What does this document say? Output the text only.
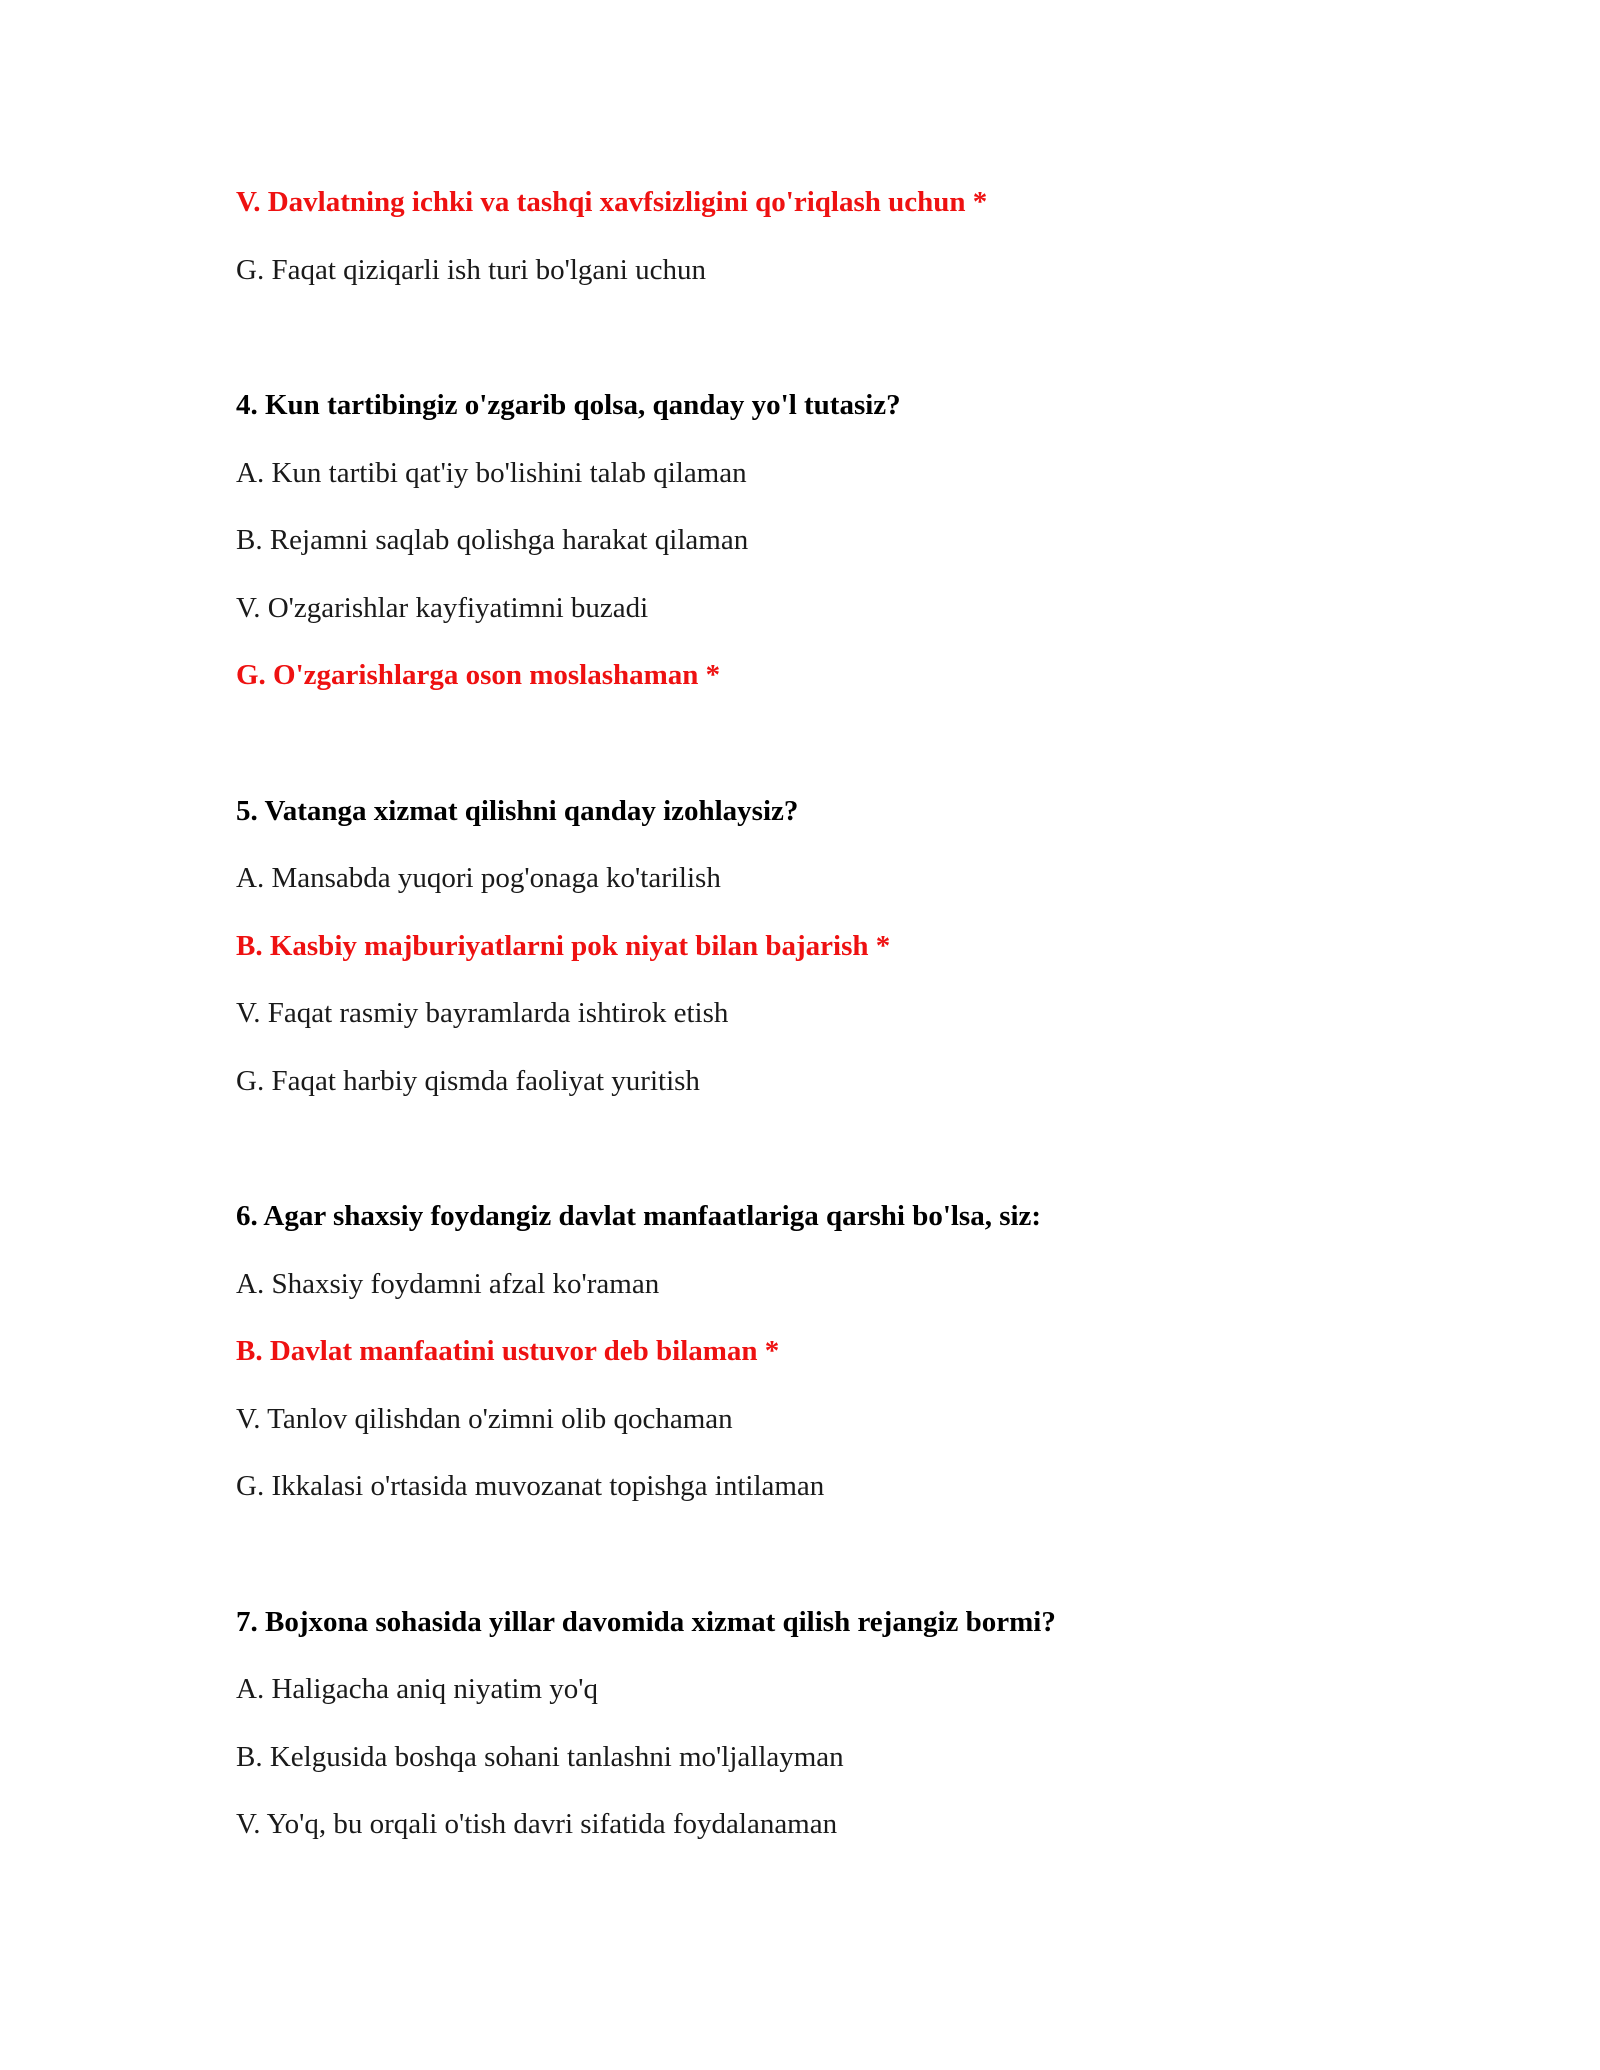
V. Davlatning ichki va tashqi xavfsizligini qo'riqlash uchun *
G. Faqat qiziqarli ish turi bo'lgani uchun
4. Kun tartibingiz o'zgarib qolsa, qanday yo'l tutasiz?
A. Kun tartibi qat'iy bo'lishini talab qilaman
B. Rejamni saqlab qolishga harakat qilaman
V. O'zgarishlar kayfiyatimni buzadi
G. O'zgarishlarga oson moslashaman *
5. Vatanga xizmat qilishni qanday izohlaysiz?
A. Mansabda yuqori pog'onaga ko'tarilish
B. Kasbiy majburiyatlarni pok niyat bilan bajarish *
V. Faqat rasmiy bayramlarda ishtirok etish
G. Faqat harbiy qismda faoliyat yuritish
6. Agar shaxsiy foydangiz davlat manfaatlariga qarshi bo'lsa, siz:
A. Shaxsiy foydamni afzal ko'raman
B. Davlat manfaatini ustuvor deb bilaman *
V. Tanlov qilishdan o'zimni olib qochaman
G. Ikkalasi o'rtasida muvozanat topishga intilaman
7. Bojxona sohasida yillar davomida xizmat qilish rejangiz bormi?
A. Haligacha aniq niyatim yo'q
B. Kelgusida boshqa sohani tanlashni mo'ljallayman
V. Yo'q, bu orqali o'tish davri sifatida foydalanaman
